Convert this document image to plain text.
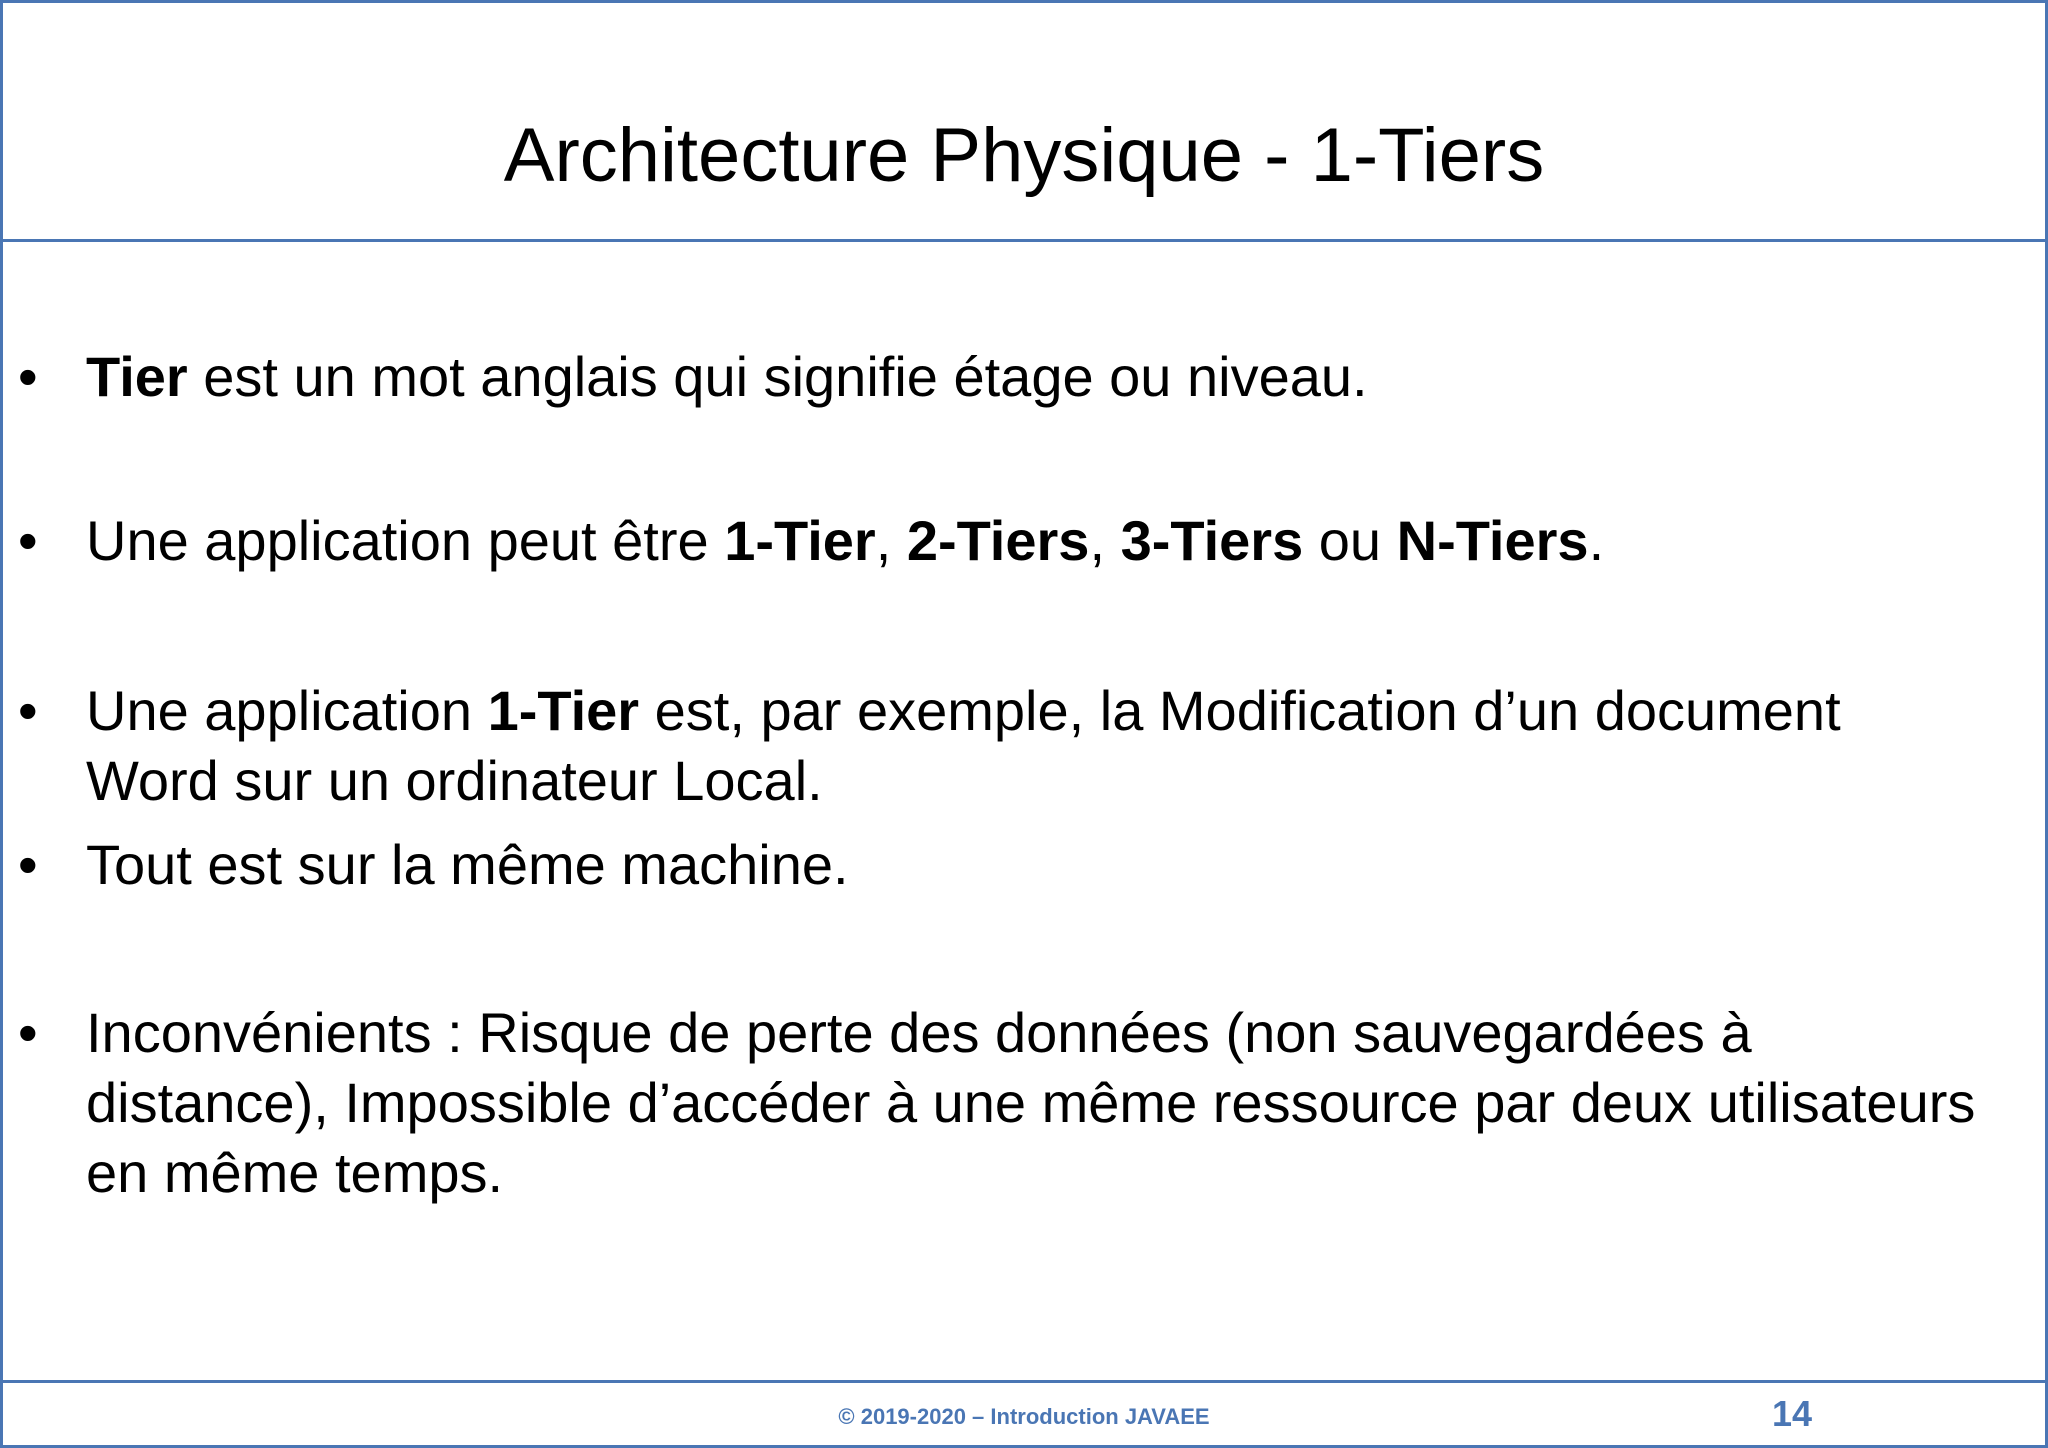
Architecture Physique - 1-Tiers
• Tier est un mot anglais qui signifie étage ou niveau.
• Une application peut être 1-Tier, 2-Tiers, 3-Tiers ou N-Tiers.
• Une application 1-Tier est, par exemple, la Modification d’un document Word sur un ordinateur Local.
• Tout est sur la même machine.
• Inconvénients : Risque de perte des données (non sauvegardées à distance), Impossible d’accéder à une même ressource par deux utilisateurs en même temps.
© 2019-2020 – Introduction JAVAEE	14
